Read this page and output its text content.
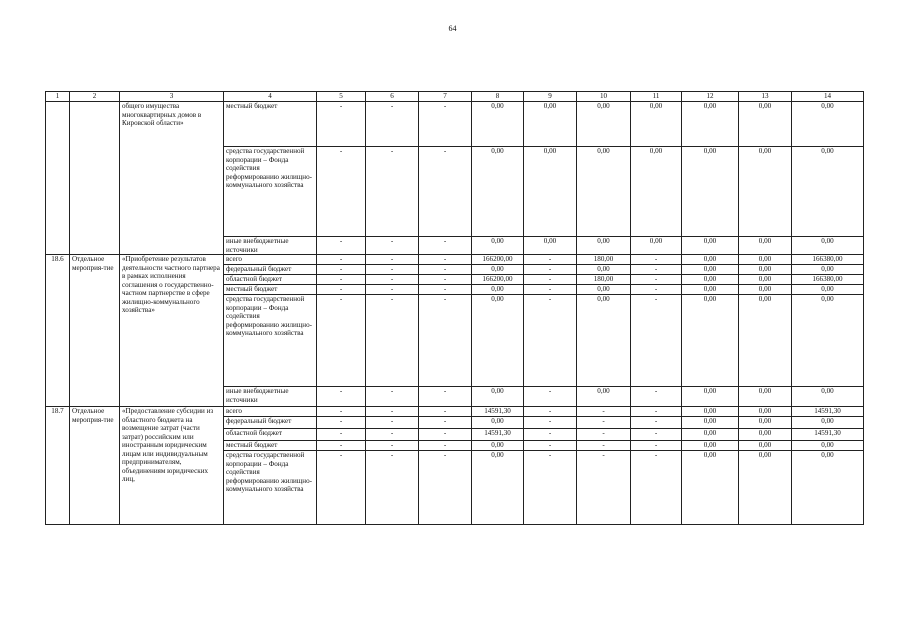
64
1	2	3	4	5	6	7	8	9	10	11	12	13	14
		общего имущества многоквартирных домов в Кировской области»	местный бюджет	-	-	-	0,00	0,00	0,00	0,00	0,00	0,00	0,00
			средства государственной корпорации – Фонда содействия реформированию жилищно-коммунального хозяйства	-	-	-	0,00	0,00	0,00	0,00	0,00	0,00	0,00
			иные внебюджетные источники	-	-	-	0,00	0,00	0,00	0,00	0,00	0,00	0,00
18.6	Отдельное мероприя-тие	«Приобретение результатов деятельности частного партнера в рамках исполнения соглашения о государственно-частном партнерстве в сфере жилищно-коммунального хозяйства»	всего	-	-	-	166200,00	-	180,00	-	0,00	0,00	166380,00
			федеральный бюджет	-	-	-	0,00	-	0,00	-	0,00	0,00	0,00
			областной бюджет	-	-	-	166200,00	-	180,00	-	0,00	0,00	166380,00
			местный бюджет	-	-	-	0,00	-	0,00	-	0,00	0,00	0,00
			средства государственной корпорации – Фонда содействия реформированию жилищно-коммунального хозяйства	-	-	-	0,00	-	0,00	-	0,00	0,00	0,00
			иные внебюджетные источники	-	-	-	0,00	-	0,00	-	0,00	0,00	0,00
18.7	Отдельное мероприя-тие	«Предоставление субсидии из областного бюджета на возмещение затрат (части затрат) российским или иностранным юридическим лицам или индивидуальным предпринимателям, объединениям юридических лиц,	всего	-	-	-	14591,30	-	-	-	0,00	0,00	14591,30
			федеральный бюджет	-	-	-	0,00	-	-	-	0,00	0,00	0,00
			областной бюджет	-	-	-	14591,30	-	-	-	0,00	0,00	14591,30
			местный бюджет	-	-	-	0,00	-	-	-	0,00	0,00	0,00
			средства государственной корпорации – Фонда содействия реформированию жилищно-коммунального хозяйства	-	-	-	0,00	-	-	-	0,00	0,00	0,00
